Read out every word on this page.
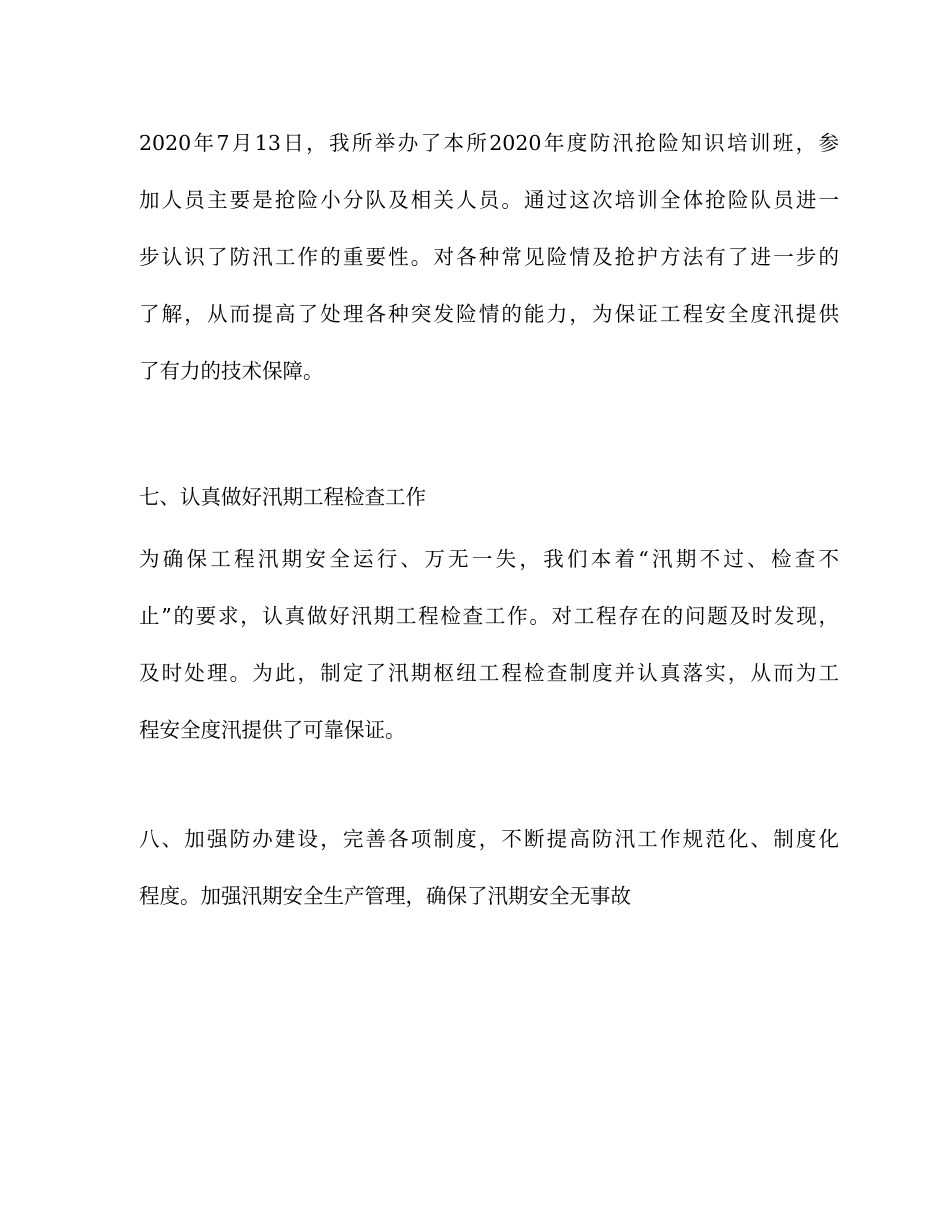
2020年7月13日，我所举办了本所2020年度防汛抢险知识培训班，参
加人员主要是抢险小分队及相关人员。通过这次培训全体抢险队员进一
步认识了防汛工作的重要性。对各种常见险情及抢护方法有了进一步的
了解，从而提高了处理各种突发险情的能力，为保证工程安全度汛提供
了有力的技术保障。
七、认真做好汛期工程检查工作
为确保工程汛期安全运行、万无一失，我们本着“汛期不过、检查不
止”的要求，认真做好汛期工程检查工作。对工程存在的问题及时发现，
及时处理。为此，制定了汛期枢纽工程检查制度并认真落实，从而为工
程安全度汛提供了可靠保证。
八、加强防办建设，完善各项制度，不断提高防汛工作规范化、制度化
程度。加强汛期安全生产管理，确保了汛期安全无事故
